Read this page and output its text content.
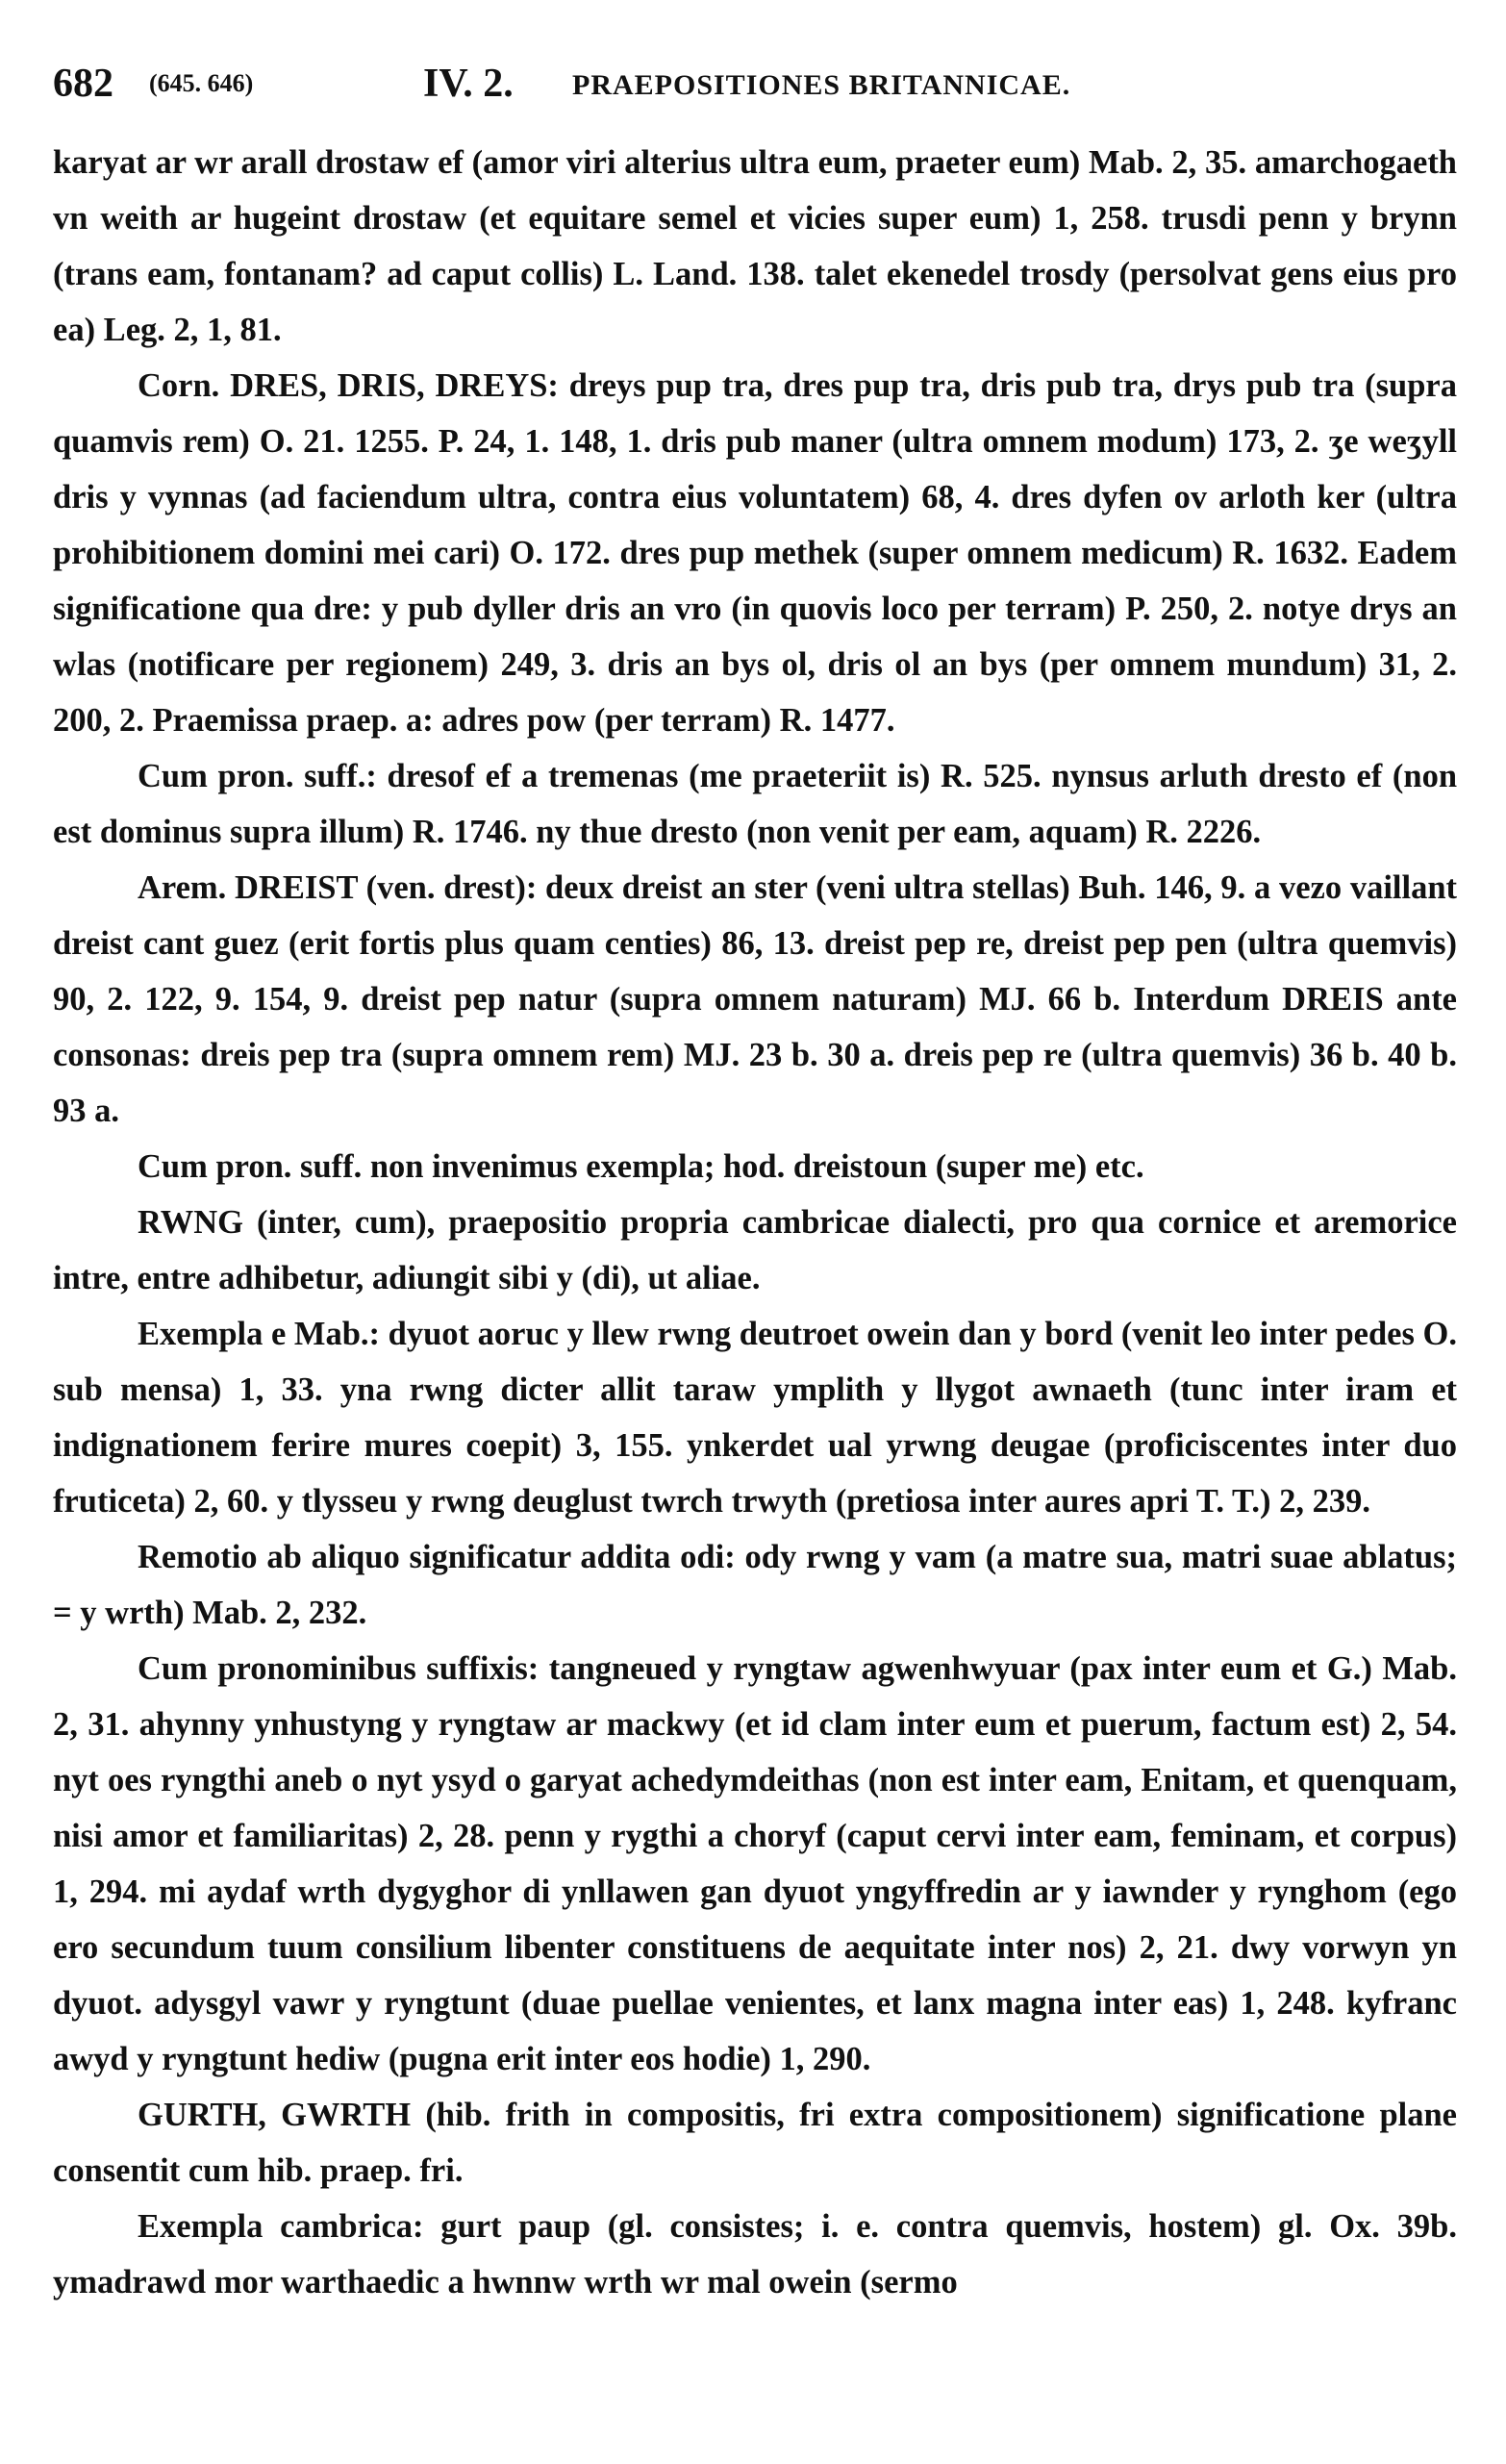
682 (645. 646)	IV. 2. PRAEPOSITIONES BRITANNICAE.

karyat ar wr arall drostaw ef (amor viri alterius ultra eum, praeter eum) Mab. 2, 35. amarchogaeth vn weith ar hugeint drostaw (et equitare semel et vicies super eum) 1, 258. trusdi penn y brynn (trans eam, fontanam? ad caput collis) L. Land. 138. talet ekenedel trosdy (persolvat gens eius pro ea) Leg. 2, 1, 81.

Corn. DRES, DRIS, DREYS: dreys pup tra, dres pup tra, dris pub tra, drys pub tra (supra quamvis rem) O. 21. 1255. P. 24, 1. 148, 1. dris pub maner (ultra omnem modum) 173, 2. ʒe weʒyll dris y vynnas (ad faciendum ultra, contra eius voluntatem) 68, 4. dres dyfen ov arloth ker (ultra prohibitionem domini mei cari) O. 172. dres pup methek (super omnem medicum) R. 1632. Eadem significatione qua dre: y pub dyller dris an vro (in quovis loco per terram) P. 250, 2. notye drys an wlas (notificare per regionem) 249, 3. dris an bys ol, dris ol an bys (per omnem mundum) 31, 2. 200, 2. Praemissa praep. a: adres pow (per terram) R. 1477.

Cum pron. suff.: dresof ef a tremenas (me praeteriit is) R. 525. nynsus arluth dresto ef (non est dominus supra illum) R. 1746. ny thue dresto (non venit per eam, aquam) R. 2226.

Arem. DREIST (ven. drest): deux dreist an ster (veni ultra stellas) Buh. 146, 9. a vezo vaillant dreist cant guez (erit fortis plus quam centies) 86, 13. dreist pep re, dreist pep pen (ultra quemvis) 90, 2. 122, 9. 154, 9. dreist pep natur (supra omnem naturam) MJ. 66 b. Interdum DREIS ante consonas: dreis pep tra (supra omnem rem) MJ. 23 b. 30 a. dreis pep re (ultra quemvis) 36 b. 40 b. 93 a.

Cum pron. suff. non invenimus exempla; hod. dreistoun (super me) etc.

RWNG (inter, cum), praepositio propria cambricae dialecti, pro qua cornice et aremorice intre, entre adhibetur, adiungit sibi y (di), ut aliae.

Exempla e Mab.: dyuot aoruc y llew rwng deutroet owein dan y bord (venit leo inter pedes O. sub mensa) 1, 33. yna rwng dicter allit taraw ymplith y llygot awnaeth (tunc inter iram et indignationem ferire mures coepit) 3, 155. ynkerdet ual yrwng deugae (proficiscentes inter duo fruticeta) 2, 60. y tlysseu y rwng deuglust twrch trwyth (pretiosa inter aures apri T. T.) 2, 239.

Remotio ab aliquo significatur addita odi: ody rwng y vam (a matre sua, matri suae ablatus; = y wrth) Mab. 2, 232.

Cum pronominibus suffixis: tangneued y ryngtaw agwenhwyuar (pax inter eum et G.) Mab. 2, 31. ahynny ynhustyng y ryngtaw ar mackwy (et id clam inter eum et puerum, factum est) 2, 54. nyt oes ryngthi aneb o nyt ysyd o garyat achedymdeithas (non est inter eam, Enitam, et quenquam, nisi amor et familiaritas) 2, 28. penn y rygthi a choryf (caput cervi inter eam, feminam, et corpus) 1, 294. mi aydaf wrth dygyghor di ynllawen gan dyuot yngyffredin ar y iawnder y rynghom (ego ero secundum tuum consilium libenter constituens de aequitate inter nos) 2, 21. dwy vorwyn yn dyuot. adysgyl vawr y ryngtunt (duae puellae venientes, et lanx magna inter eas) 1, 248. kyfranc awyd y ryngtunt hediw (pugna erit inter eos hodie) 1, 290.

GURTH, GWRTH (hib. frith in compositis, fri extra compositionem) significatione plane consentit cum hib. praep. fri.

Exempla cambrica: gurt paup (gl. consistes; i. e. contra quemvis, hostem) gl. Ox. 39b. ymadrawd mor warthaedic a hwnnw wrth wr mal owein (sermo
